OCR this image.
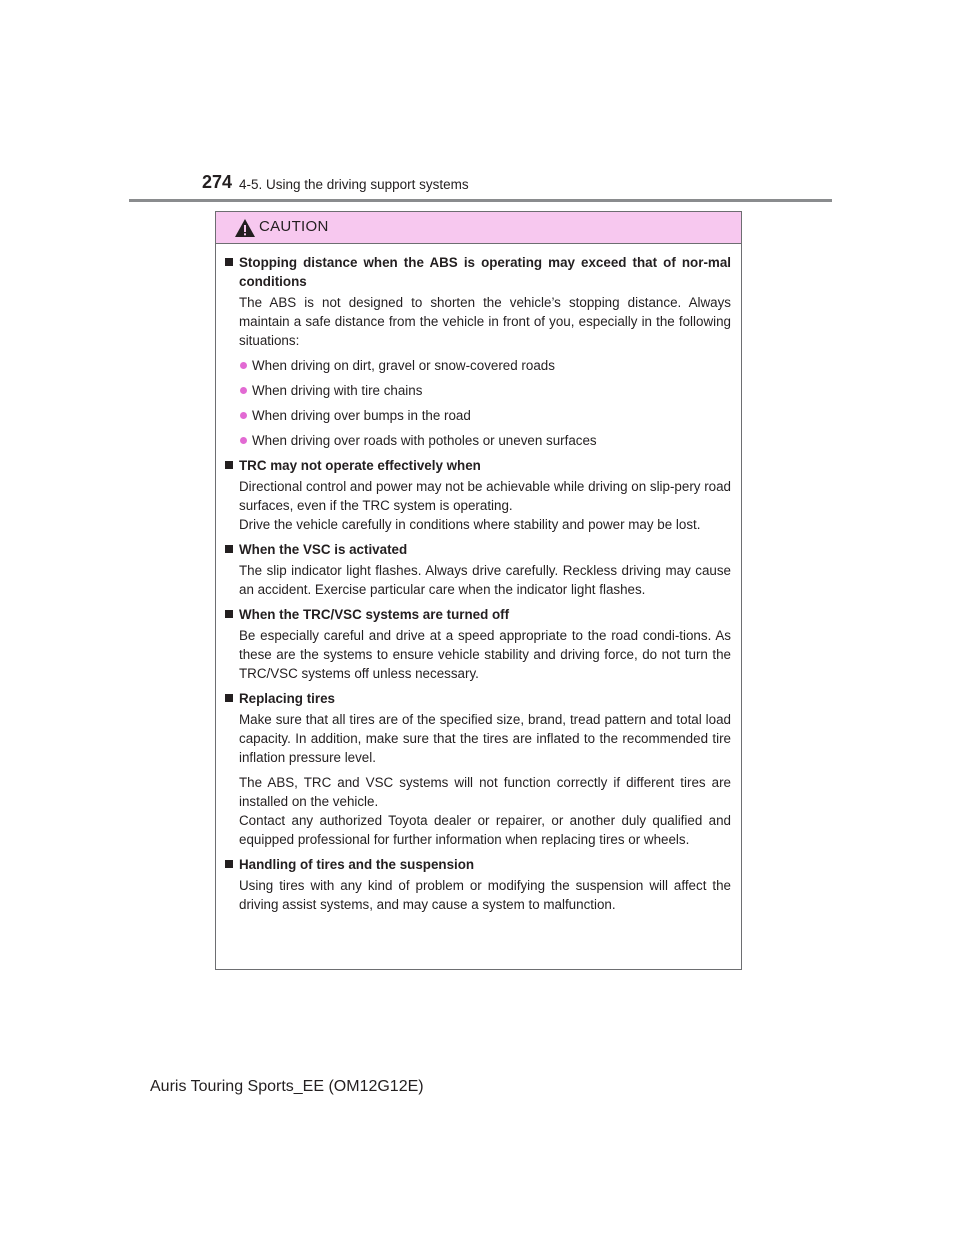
274 4-5. Using the driving support systems
CAUTION
Stopping distance when the ABS is operating may exceed that of nor-mal conditions
The ABS is not designed to shorten the vehicle’s stopping distance. Always maintain a safe distance from the vehicle in front of you, especially in the following situations:
When driving on dirt, gravel or snow-covered roads
When driving with tire chains
When driving over bumps in the road
When driving over roads with potholes or uneven surfaces
TRC may not operate effectively when
Directional control and power may not be achievable while driving on slip-pery road surfaces, even if the TRC system is operating.
Drive the vehicle carefully in conditions where stability and power may be lost.
When the VSC is activated
The slip indicator light flashes. Always drive carefully. Reckless driving may cause an accident. Exercise particular care when the indicator light flashes.
When the TRC/VSC systems are turned off
Be especially careful and drive at a speed appropriate to the road condi-tions. As these are the systems to ensure vehicle stability and driving force, do not turn the TRC/VSC systems off unless necessary.
Replacing tires
Make sure that all tires are of the specified size, brand, tread pattern and total load capacity. In addition, make sure that the tires are inflated to the recommended tire inflation pressure level.
The ABS, TRC and VSC systems will not function correctly if different tires are installed on the vehicle.
Contact any authorized Toyota dealer or repairer, or another duly qualified and equipped professional for further information when replacing tires or wheels.
Handling of tires and the suspension
Using tires with any kind of problem or modifying the suspension will affect the driving assist systems, and may cause a system to malfunction.
Auris Touring Sports_EE (OM12G12E)
